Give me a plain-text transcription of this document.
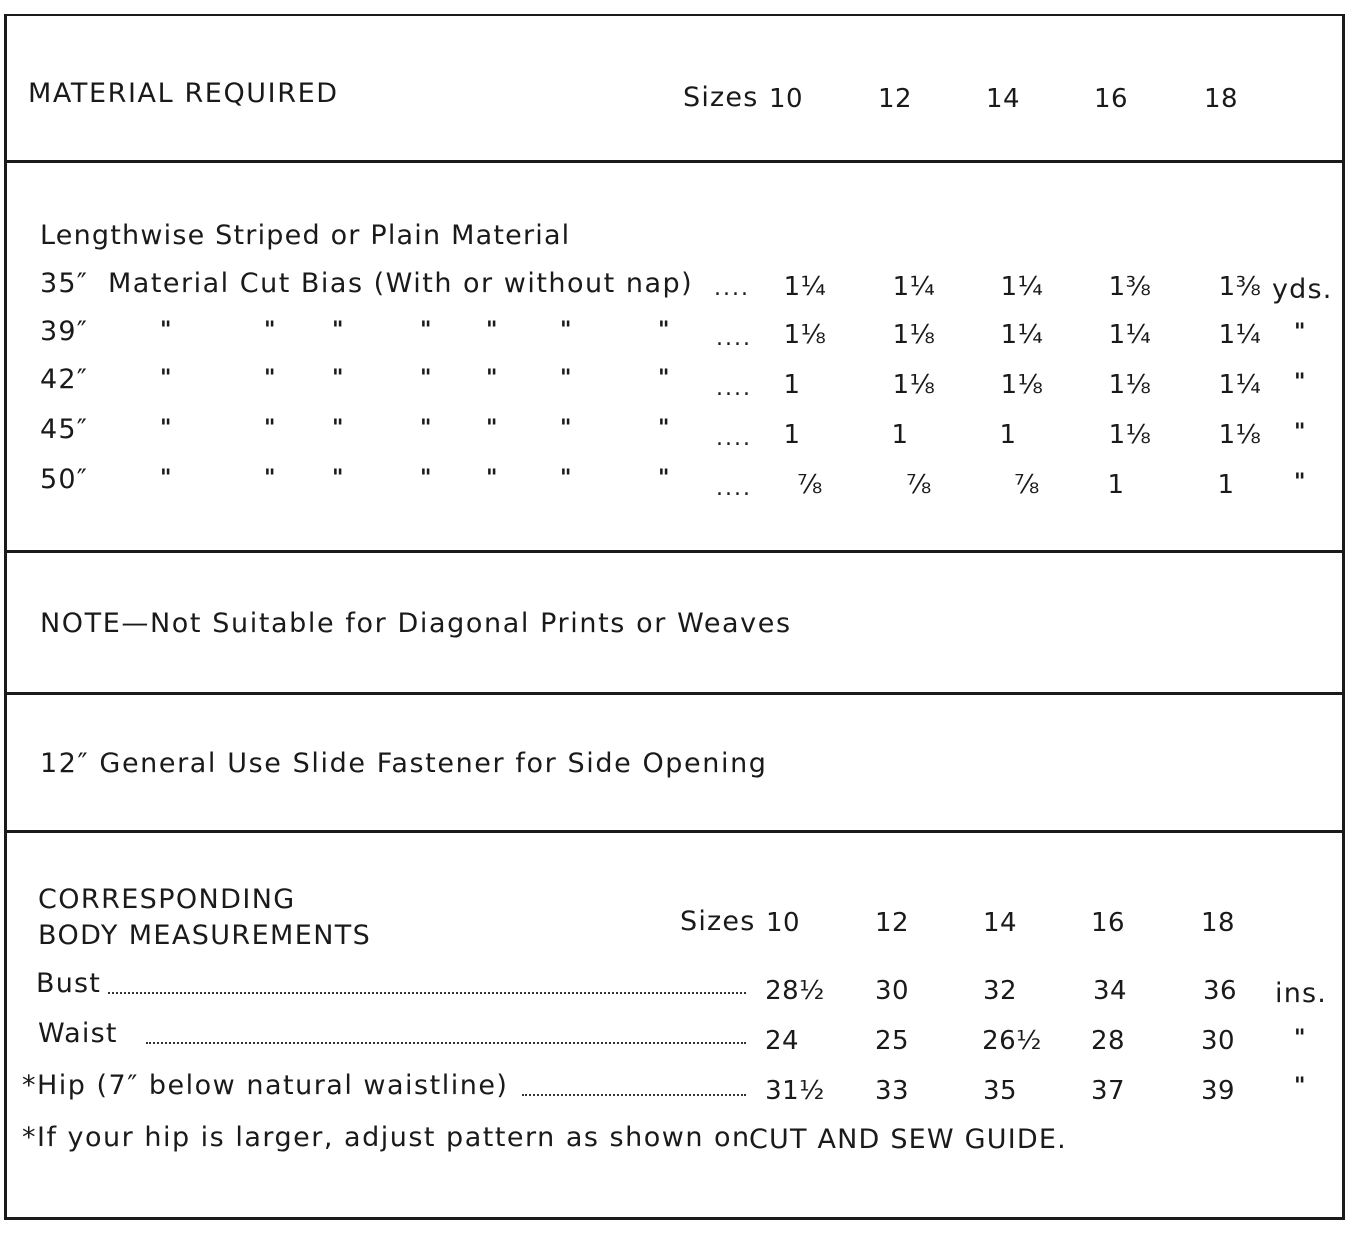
MATERIAL REQUIRED	Sizes 10	12	14	16	18
Lengthwise Striped or Plain Material
35″ Material Cut Bias (With or without nap) ....	1¼	1¼	1¼	1⅜	1⅜ yds.
39″	"	"	"	" "	"	" ....	1⅛	1⅛	1¼	1¼	1¼	"
42″	"	"	"	" "	"	" ....	1	1⅛	1⅛	1⅛	1¼	"
45″	"	"	"	" "	"	" ....	1	1	1	1⅛	1⅛	"
50″	"	"	"	" "	"	" ....	⅞	⅞	⅞	1	1	"
NOTE—Not Suitable for Diagonal Prints or Weaves
12″ General Use Slide Fastener for Side Opening
CORRESPONDING
BODY MEASUREMENTS	Sizes 10	12	14	16	18
Bust	28½	30	32	34	36	ins.
Waist	24	25	26½	28	30	"
*Hip (7″ below natural waistline)	31½	33	35	37	39	"
*If your hip is larger, adjust pattern as shown on
CUT AND SEW GUIDE.
